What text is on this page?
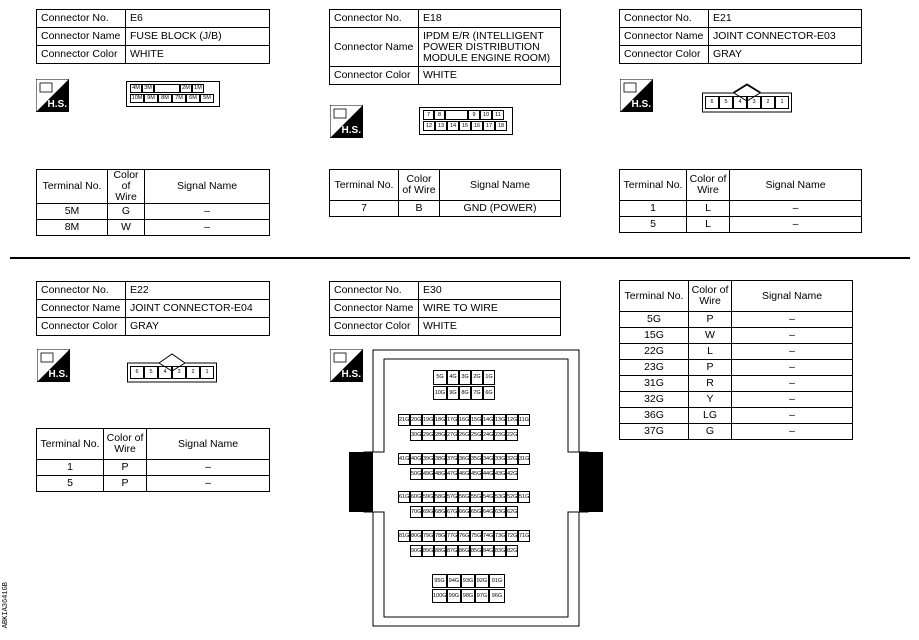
Connector No.	E6
Connector Name	FUSE BLOCK (J/B)
Connector Color	WHITE
H.S.
Terminal No.	Color of Wire	Signal Name
5M	G	–
8M	W	–
Connector No.	E18
Connector Name	IPDM E/R (INTELLIGENT POWER DISTRIBUTION MODULE ENGINE ROOM)
Connector Color	WHITE
H.S.
Terminal No.	Color of Wire	Signal Name
7	B	GND (POWER)
Connector No.	E21
Connector Name	JOINT CONNECTOR-E03
Connector Color	GRAY
H.S.
Terminal No.	Color of Wire	Signal Name
1	L	–
5	L	–
Connector No.	E22
Connector Name	JOINT CONNECTOR-E04
Connector Color	GRAY
H.S.
Terminal No.	Color of Wire	Signal Name
1	P	–
5	P	–
Connector No.	E30
Connector Name	WIRE TO WIRE
Connector Color	WHITE
H.S.
Terminal No.	Color of Wire	Signal Name
5G	P	–
15G	W	–
22G	L	–
23G	P	–
31G	R	–
32G	Y	–
36G	LG	–
37G	G	–
ABKIA3641GB
4M 3M	2M 1M
10M 9M	8M	7M	6M	5M
7	8	9	10	11
12	13	14	15	16	17	18
6	5	4	3	2	1
6	5	4	3	2	1
5G	4G 3G 2G 1G
10G 9G 8G 7G 6G
21G 20G 19G 18G 17G 16G 15G 14G 13G 12G 11G
30G 29G 28G 27G 26G 25G 24G 23G 22G
41G 40G 39G 38G 37G 36G 35G 34G 33G 32G 31G
50G 49G 48G 47G 46G 45G 44G 43G 42G
61G 60G 59G 58G 57G 56G 55G 54G 53G 52G 51G
70G 69G 68G 67G 66G 65G 64G 63G 62G
81G 80G 79G 78G 77G 76G 75G 74G 73G 72G 71G
90G 89G 88G 87G 86G 85G 84G 83G 82G
95G 94G 93G 92G 91G
100G 99G 98G 97G 96G
